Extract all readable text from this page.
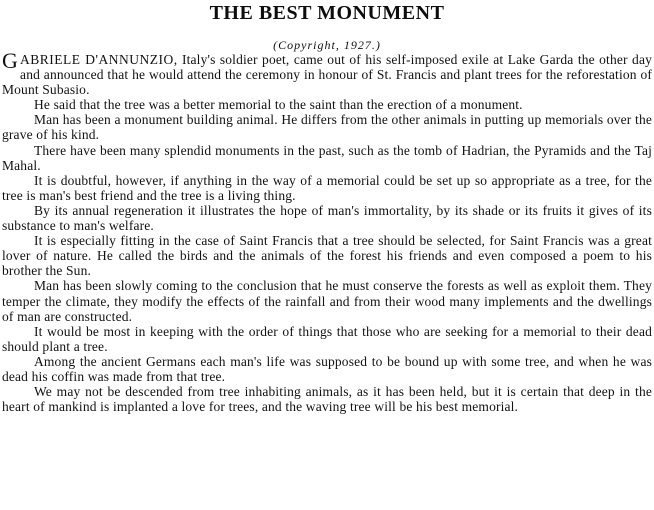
THE BEST MONUMENT
(Copyright, 1927.)

GABRIELE D'ANNUNZIO, Italy's soldier poet, came out of his self-imposed exile at Lake Garda the other day and announced that he would attend the ceremony in honour of St. Francis and plant trees for the reforestation of Mount Subasio.

He said that the tree was a better memorial to the saint than the erection of a monument.

Man has been a monument building animal. He differs from the other animals in putting up memorials over the grave of his kind.

There have been many splendid monuments in the past, such as the tomb of Hadrian, the Pyramids and the Taj Mahal.

It is doubtful, however, if anything in the way of a memorial could be set up so appropriate as a tree, for the tree is man's best friend and the tree is a living thing.

By its annual regeneration it illustrates the hope of man's immortality, by its shade or its fruits it gives of its substance to man's welfare.

It is especially fitting in the case of Saint Francis that a tree should be selected, for Saint Francis was a great lover of nature. He called the birds and the animals of the forest his friends and even composed a poem to his brother the Sun.

Man has been slowly coming to the conclusion that he must conserve the forests as well as exploit them. They temper the climate, they modify the effects of the rainfall and from their wood many implements and the dwellings of man are constructed.

It would be most in keeping with the order of things that those who are seeking for a memorial to their dead should plant a tree.

Among the ancient Germans each man's life was supposed to be bound up with some tree, and when he was dead his coffin was made from that tree.

We may not be descended from tree inhabiting animals, as it has been held, but it is certain that deep in the heart of mankind is implanted a love for trees, and the waving tree will be his best memorial.
